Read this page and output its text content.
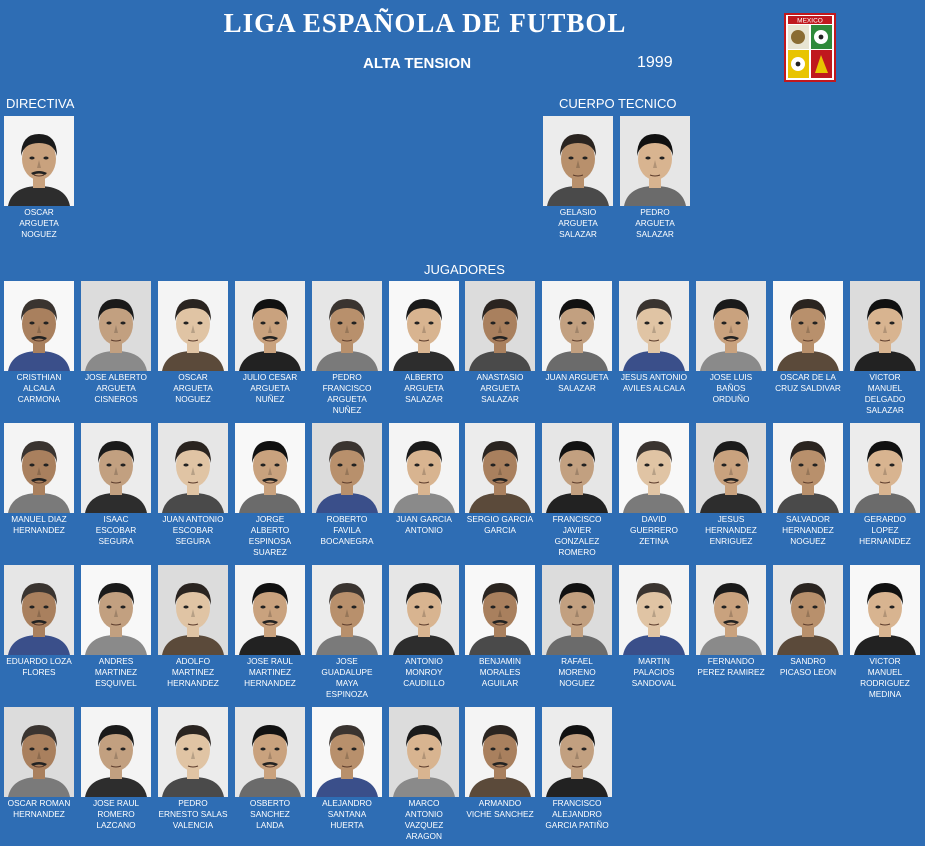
LIGA ESPAÑOLA DE FUTBOL
ALTA TENSION	1999
MEXICO
DIRECTIVA	CUERPO TECNICO
JUGADORES
OSCAR
ARGUETA
NOGUEZ
GELASIO
ARGUETA
SALAZAR
PEDRO
ARGUETA
SALAZAR
CRISTHIAN
ALCALA
CARMONA
JOSE ALBERTO
ARGUETA
CISNEROS
OSCAR
ARGUETA
NOGUEZ
JULIO CESAR
ARGUETA
NUÑEZ
PEDRO
FRANCISCO
ARGUETA
NUÑEZ
ALBERTO
ARGUETA
SALAZAR
ANASTASIO
ARGUETA
SALAZAR
JUAN ARGUETA
SALAZAR
JESUS ANTONIO
AVILES ALCALA
JOSE LUIS
BAÑOS
ORDUÑO
OSCAR DE LA
CRUZ SALDIVAR
VICTOR
MANUEL
DELGADO
SALAZAR
MANUEL DIAZ
HERNANDEZ
ISAAC
ESCOBAR
SEGURA
JUAN ANTONIO
ESCOBAR
SEGURA
JORGE
ALBERTO
ESPINOSA
SUAREZ
ROBERTO
FAVILA
BOCANEGRA
JUAN GARCIA
ANTONIO
SERGIO GARCIA
GARCIA
FRANCISCO
JAVIER
GONZALEZ
ROMERO
DAVID
GUERRERO
ZETINA
JESUS
HERNANDEZ
ENRIGUEZ
SALVADOR
HERNANDEZ
NOGUEZ
GERARDO
LOPEZ
HERNANDEZ
EDUARDO LOZA
FLORES
ANDRES
MARTINEZ
ESQUIVEL
ADOLFO
MARTINEZ
HERNANDEZ
JOSE RAUL
MARTINEZ
HERNANDEZ
JOSE
GUADALUPE
MAYA
ESPINOZA
ANTONIO
MONROY
CAUDILLO
BENJAMIN
MORALES
AGUILAR
RAFAEL
MORENO
NOGUEZ
MARTIN
PALACIOS
SANDOVAL
FERNANDO
PEREZ RAMIREZ
SANDRO
PICASO LEON
VICTOR
MANUEL
RODRIGUEZ
MEDINA
OSCAR ROMAN
HERNANDEZ
JOSE RAUL
ROMERO
LAZCANO
PEDRO
ERNESTO SALAS
VALENCIA
OSBERTO
SANCHEZ
LANDA
ALEJANDRO
SANTANA
HUERTA
MARCO
ANTONIO
VAZQUEZ
ARAGON
ARMANDO
VICHE SANCHEZ
FRANCISCO
ALEJANDRO
GARCIA PATIÑO
